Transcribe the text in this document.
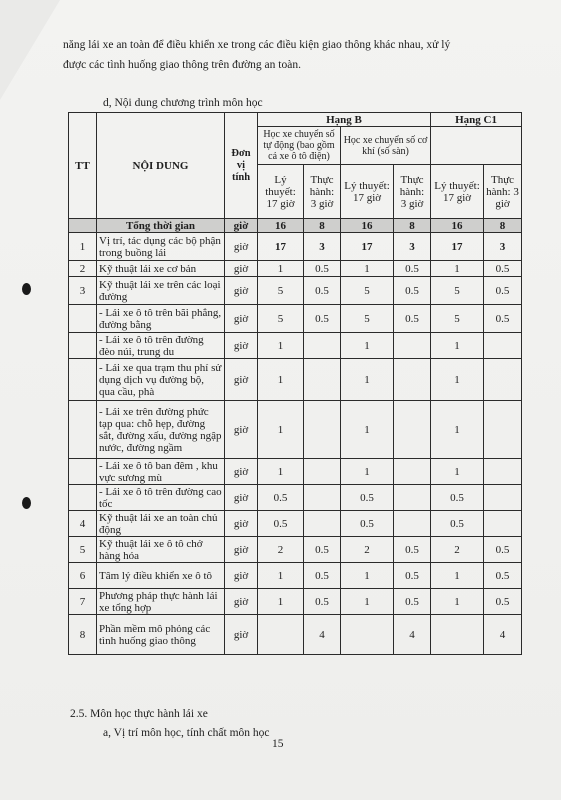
năng lái xe an toàn để điều khiển xe trong các điều kiện giao thông khác nhau, xử lý
được các tình huống giao thông trên đường an toàn.
d, Nội dung chương trình môn học
TT	NỘI DUNG	Đơn vị tính	Hạng B				Hạng C1	
			Học xe chuyển số tự động (bao gồm cả xe ô tô điện)		Học xe chuyển số cơ khí (số sàn)			
			Lý thuyết: 17 giờ	Thực hành: 3 giờ	Lý thuyết: 17 giờ	Thực hành: 3 giờ	Lý thuyết: 17 giờ	Thực hành: 3 giờ
	Tổng thời gian	giờ	16	8	16	8	16	8
1	Vị trí, tác dụng các bộ phận trong buồng lái	giờ	17	3	17	3	17	3
2	Kỹ thuật lái xe cơ bản	giờ	1	0.5	1	0.5	1	0.5
3	Kỹ thuật lái xe trên các loại đường	giờ	5	0.5	5	0.5	5	0.5
	- Lái xe ô tô trên bãi phẳng, đường bằng	giờ	5	0.5	5	0.5	5	0.5
	- Lái xe ô tô trên đường đèo núi, trung du	giờ	1		1		1	
	- Lái xe qua trạm thu phí sử dụng dịch vụ đường bộ, qua cầu, phà	giờ	1		1		1	
	- Lái xe trên đường phức tạp qua: chỗ hẹp, đường sắt, đường xấu, đường ngập nước, đường ngầm	giờ	1		1		1	
	- Lái xe ô tô ban đêm , khu vực sương mù	giờ	1		1		1	
	- Lái xe ô tô trên đường cao tốc	giờ	0.5		0.5		0.5	
4	Kỹ thuật lái xe an toàn chủ động	giờ	0.5		0.5		0.5	
5	Kỹ thuật lái xe ô tô chở hàng hóa	giờ	2	0.5	2	0.5	2	0.5
6	Tâm lý điều khiển xe ô tô	giờ	1	0.5	1	0.5	1	0.5
7	Phương pháp thực hành lái xe tổng hợp	giờ	1	0.5	1	0.5	1	0.5
8	Phần mềm mô phỏng các tình huống giao thông	giờ		4		4		4
2.5. Môn học thực hành lái xe
a, Vị trí môn học, tính chất môn học
15
